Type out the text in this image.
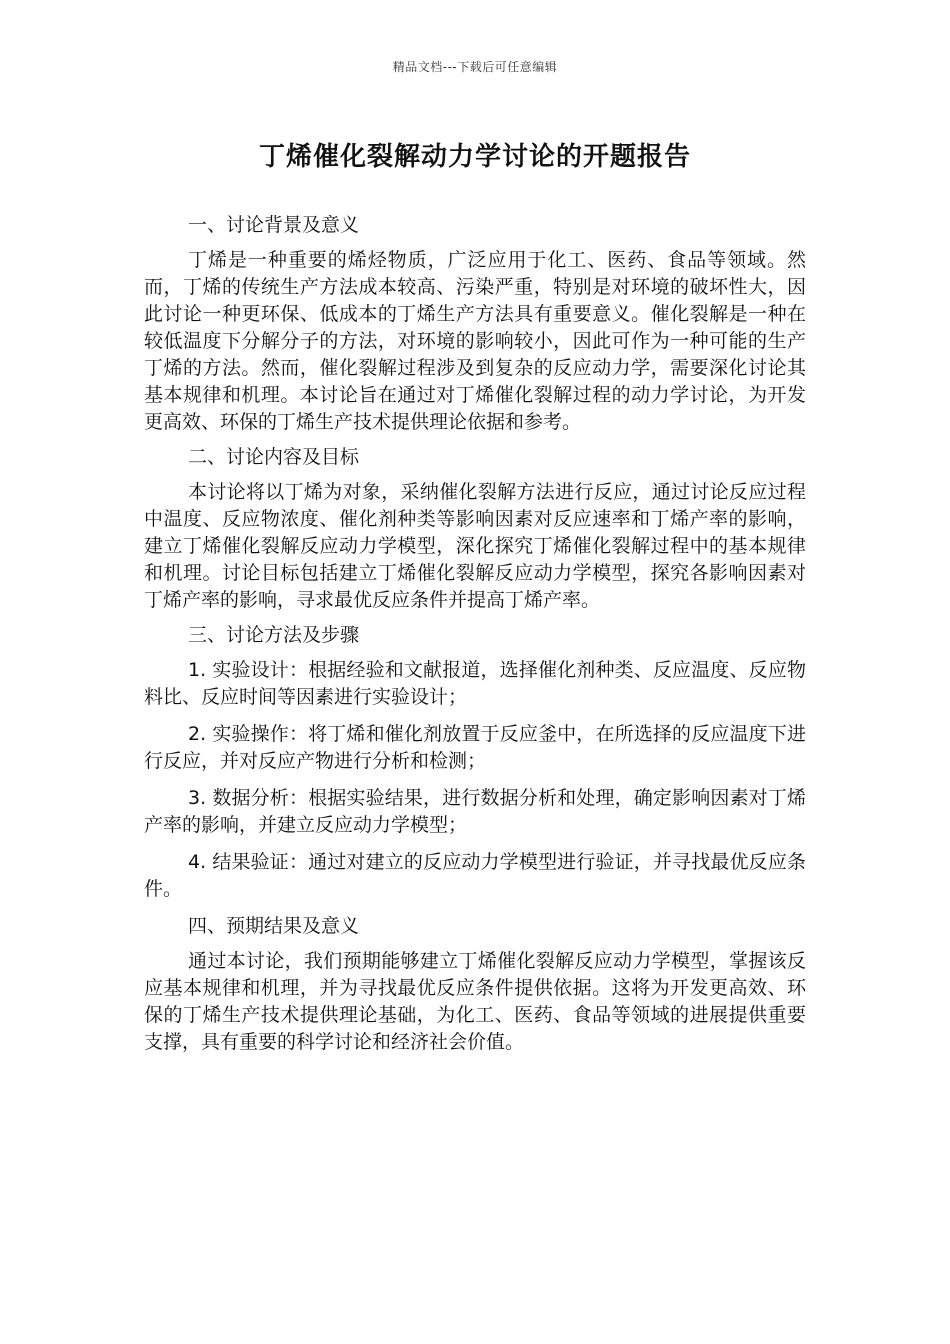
精品文档---下载后可任意编辑
丁烯催化裂解动力学讨论的开题报告

一、讨论背景及意义

丁烯是一种重要的烯烃物质，广泛应用于化工、医药、食品等领域。然而，丁烯的传统生产方法成本较高、污染严重，特别是对环境的破坏性大，因此讨论一种更环保、低成本的丁烯生产方法具有重要意义。催化裂解是一种在较低温度下分解分子的方法，对环境的影响较小，因此可作为一种可能的生产丁烯的方法。然而，催化裂解过程涉及到复杂的反应动力学，需要深化讨论其基本规律和机理。本讨论旨在通过对丁烯催化裂解过程的动力学讨论，为开发更高效、环保的丁烯生产技术提供理论依据和参考。

二、讨论内容及目标

本讨论将以丁烯为对象，采纳催化裂解方法进行反应，通过讨论反应过程中温度、反应物浓度、催化剂种类等影响因素对反应速率和丁烯产率的影响，建立丁烯催化裂解反应动力学模型，深化探究丁烯催化裂解过程中的基本规律和机理。讨论目标包括建立丁烯催化裂解反应动力学模型，探究各影响因素对丁烯产率的影响，寻求最优反应条件并提高丁烯产率。

三、讨论方法及步骤

1. 实验设计：根据经验和文献报道，选择催化剂种类、反应温度、反应物料比、反应时间等因素进行实验设计；

2. 实验操作：将丁烯和催化剂放置于反应釜中，在所选择的反应温度下进行反应，并对反应产物进行分析和检测；

3. 数据分析：根据实验结果，进行数据分析和处理，确定影响因素对丁烯产率的影响，并建立反应动力学模型；

4. 结果验证：通过对建立的反应动力学模型进行验证，并寻找最优反应条件。

四、预期结果及意义

通过本讨论，我们预期能够建立丁烯催化裂解反应动力学模型，掌握该反应基本规律和机理，并为寻找最优反应条件提供依据。这将为开发更高效、环保的丁烯生产技术提供理论基础，为化工、医药、食品等领域的进展提供重要支撑，具有重要的科学讨论和经济社会价值。
